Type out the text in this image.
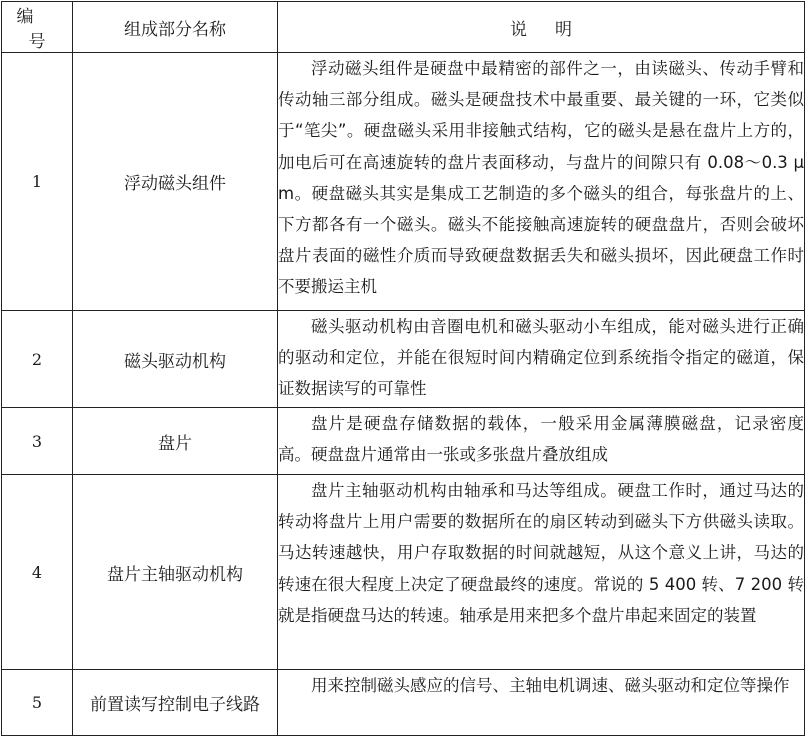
编号	组成部分名称	说明
1	浮动磁头组件	浮动磁头组件是硬盘中最精密的部件之一，由读磁头、传动手臂和传动轴三部分组成。磁头是硬盘技术中最重要、最关键的一环，它类似于“笔尖”。硬盘磁头采用非接触式结构，它的磁头是悬在盘片上方的，加电后可在高速旋转的盘片表面移动，与盘片的间隙只有 0.08～0.3 μm。硬盘磁头其实是集成工艺制造的多个磁头的组合，每张盘片的上、下方都各有一个磁头。磁头不能接触高速旋转的硬盘盘片，否则会破坏盘片表面的磁性介质而导致硬盘数据丢失和磁头损坏，因此硬盘工作时不要搬运主机
2	磁头驱动机构	磁头驱动机构由音圈电机和磁头驱动小车组成，能对磁头进行正确的驱动和定位，并能在很短时间内精确定位到系统指令指定的磁道，保证数据读写的可靠性
3	盘片	盘片是硬盘存储数据的载体，一般采用金属薄膜磁盘，记录密度高。硬盘盘片通常由一张或多张盘片叠放组成
4	盘片主轴驱动机构	盘片主轴驱动机构由轴承和马达等组成。硬盘工作时，通过马达的转动将盘片上用户需要的数据所在的扇区转动到磁头下方供磁头读取。马达转速越快，用户存取数据的时间就越短，从这个意义上讲，马达的转速在很大程度上决定了硬盘最终的速度。常说的 5 400 转、7 200 转就是指硬盘马达的转速。轴承是用来把多个盘片串起来固定的装置
5	前置读写控制电子线路	用来控制磁头感应的信号、主轴电机调速、磁头驱动和定位等操作
